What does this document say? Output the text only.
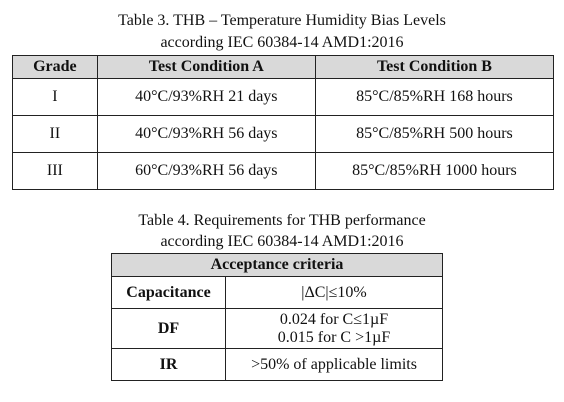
Table 3. THB – Temperature Humidity Bias Levels
according IEC 60384-14 AMD1:2016
Grade	Test Condition A	Test Condition B
I	40°C/93%RH 21 days	85°C/85%RH 168 hours
II	40°C/93%RH 56 days	85°C/85%RH 500 hours
III	60°C/93%RH 56 days	85°C/85%RH 1000 hours
Table 4. Requirements for THB performance
according IEC 60384-14 AMD1:2016
Acceptance criteria	
Capacitance	|ΔC|≤10%

DF	0.024 for C≤1µF
0.015 for C >1µF

IR	>50% of applicable limits
